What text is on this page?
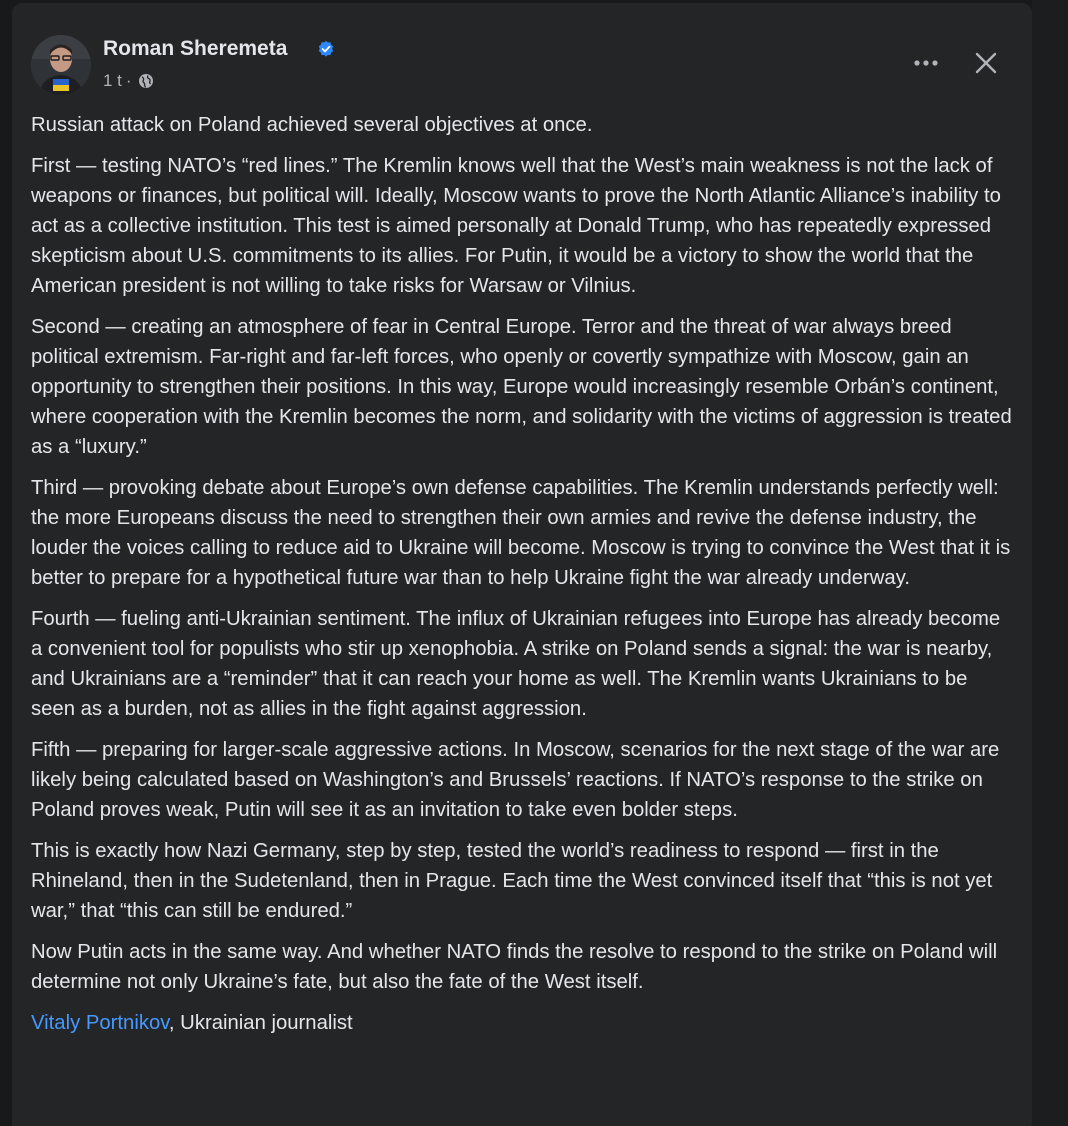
Roman Sheremeta
1 t ·

Russian attack on Poland achieved several objectives at once.

First — testing NATO’s “red lines.” The Kremlin knows well that the West’s main weakness is not the lack of weapons or finances, but political will. Ideally, Moscow wants to prove the North Atlantic Alliance’s inability to act as a collective institution. This test is aimed personally at Donald Trump, who has repeatedly expressed skepticism about U.S. commitments to its allies. For Putin, it would be a victory to show the world that the American president is not willing to take risks for Warsaw or Vilnius.

Second — creating an atmosphere of fear in Central Europe. Terror and the threat of war always breed political extremism. Far-right and far-left forces, who openly or covertly sympathize with Moscow, gain an opportunity to strengthen their positions. In this way, Europe would increasingly resemble Orbán’s continent, where cooperation with the Kremlin becomes the norm, and solidarity with the victims of aggression is treated as a “luxury.”

Third — provoking debate about Europe’s own defense capabilities. The Kremlin understands perfectly well: the more Europeans discuss the need to strengthen their own armies and revive the defense industry, the louder the voices calling to reduce aid to Ukraine will become. Moscow is trying to convince the West that it is better to prepare for a hypothetical future war than to help Ukraine fight the war already underway.

Fourth — fueling anti-Ukrainian sentiment. The influx of Ukrainian refugees into Europe has already become a convenient tool for populists who stir up xenophobia. A strike on Poland sends a signal: the war is nearby, and Ukrainians are a “reminder” that it can reach your home as well. The Kremlin wants Ukrainians to be seen as a burden, not as allies in the fight against aggression.

Fifth — preparing for larger-scale aggressive actions. In Moscow, scenarios for the next stage of the war are likely being calculated based on Washington’s and Brussels’ reactions. If NATO’s response to the strike on Poland proves weak, Putin will see it as an invitation to take even bolder steps.

This is exactly how Nazi Germany, step by step, tested the world’s readiness to respond — first in the Rhineland, then in the Sudetenland, then in Prague. Each time the West convinced itself that “this is not yet war,” that “this can still be endured.”

Now Putin acts in the same way. And whether NATO finds the resolve to respond to the strike on Poland will determine not only Ukraine’s fate, but also the fate of the West itself.

Vitaly Portnikov, Ukrainian journalist
